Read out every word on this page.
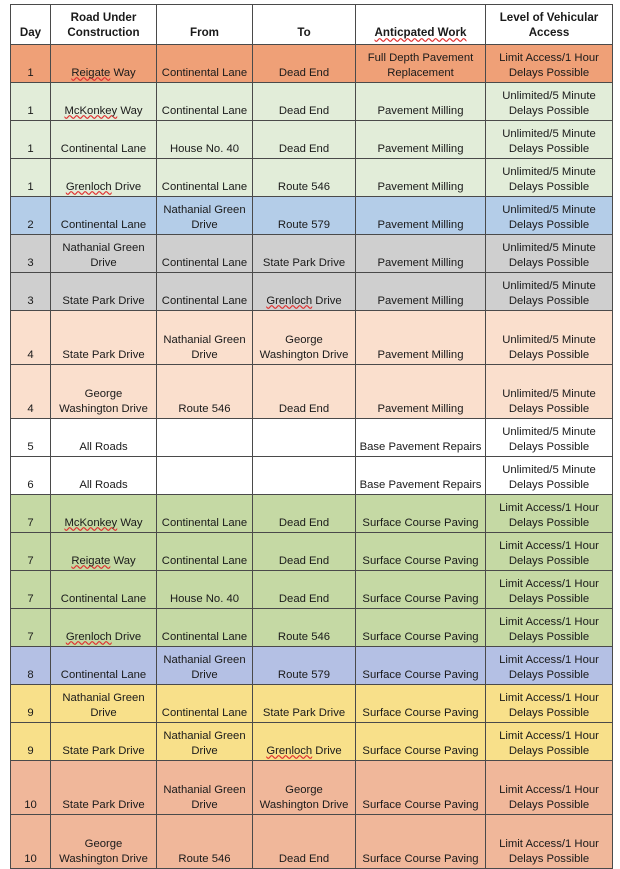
Day	Road Under Construction	From	To	Anticpated Work	Level of Vehicular Access
1	Reigate Way	Continental Lane	Dead End	Full Depth Pavement Replacement	Limit Access/1 Hour Delays Possible
1	McKonkey Way	Continental Lane	Dead End	Pavement Milling	Unlimited/5 Minute Delays Possible
1	Continental Lane	House No. 40	Dead End	Pavement Milling	Unlimited/5 Minute Delays Possible
1	Grenloch Drive	Continental Lane	Route 546	Pavement Milling	Unlimited/5 Minute Delays Possible
2	Continental Lane	Nathanial Green Drive	Route 579	Pavement Milling	Unlimited/5 Minute Delays Possible
3	Nathanial Green Drive	Continental Lane	State Park Drive	Pavement Milling	Unlimited/5 Minute Delays Possible
3	State Park Drive	Continental Lane	Grenloch Drive	Pavement Milling	Unlimited/5 Minute Delays Possible
4	State Park Drive	Nathanial Green Drive	George Washington Drive	Pavement Milling	Unlimited/5 Minute Delays Possible
4	George Washington Drive	Route 546	Dead End	Pavement Milling	Unlimited/5 Minute Delays Possible
5	All Roads			Base Pavement Repairs	Unlimited/5 Minute Delays Possible
6	All Roads			Base Pavement Repairs	Unlimited/5 Minute Delays Possible
7	McKonkey Way	Continental Lane	Dead End	Surface Course Paving	Limit Access/1 Hour Delays Possible
7	Reigate Way	Continental Lane	Dead End	Surface Course Paving	Limit Access/1 Hour Delays Possible
7	Continental Lane	House No. 40	Dead End	Surface Course Paving	Limit Access/1 Hour Delays Possible
7	Grenloch Drive	Continental Lane	Route 546	Surface Course Paving	Limit Access/1 Hour Delays Possible
8	Continental Lane	Nathanial Green Drive	Route 579	Surface Course Paving	Limit Access/1 Hour Delays Possible
9	Nathanial Green Drive	Continental Lane	State Park Drive	Surface Course Paving	Limit Access/1 Hour Delays Possible
9	State Park Drive	Nathanial Green Drive	Grenloch Drive	Surface Course Paving	Limit Access/1 Hour Delays Possible
10	State Park Drive	Nathanial Green Drive	George Washington Drive	Surface Course Paving	Limit Access/1 Hour Delays Possible
10	George Washington Drive	Route 546	Dead End	Surface Course Paving	Limit Access/1 Hour Delays Possible
